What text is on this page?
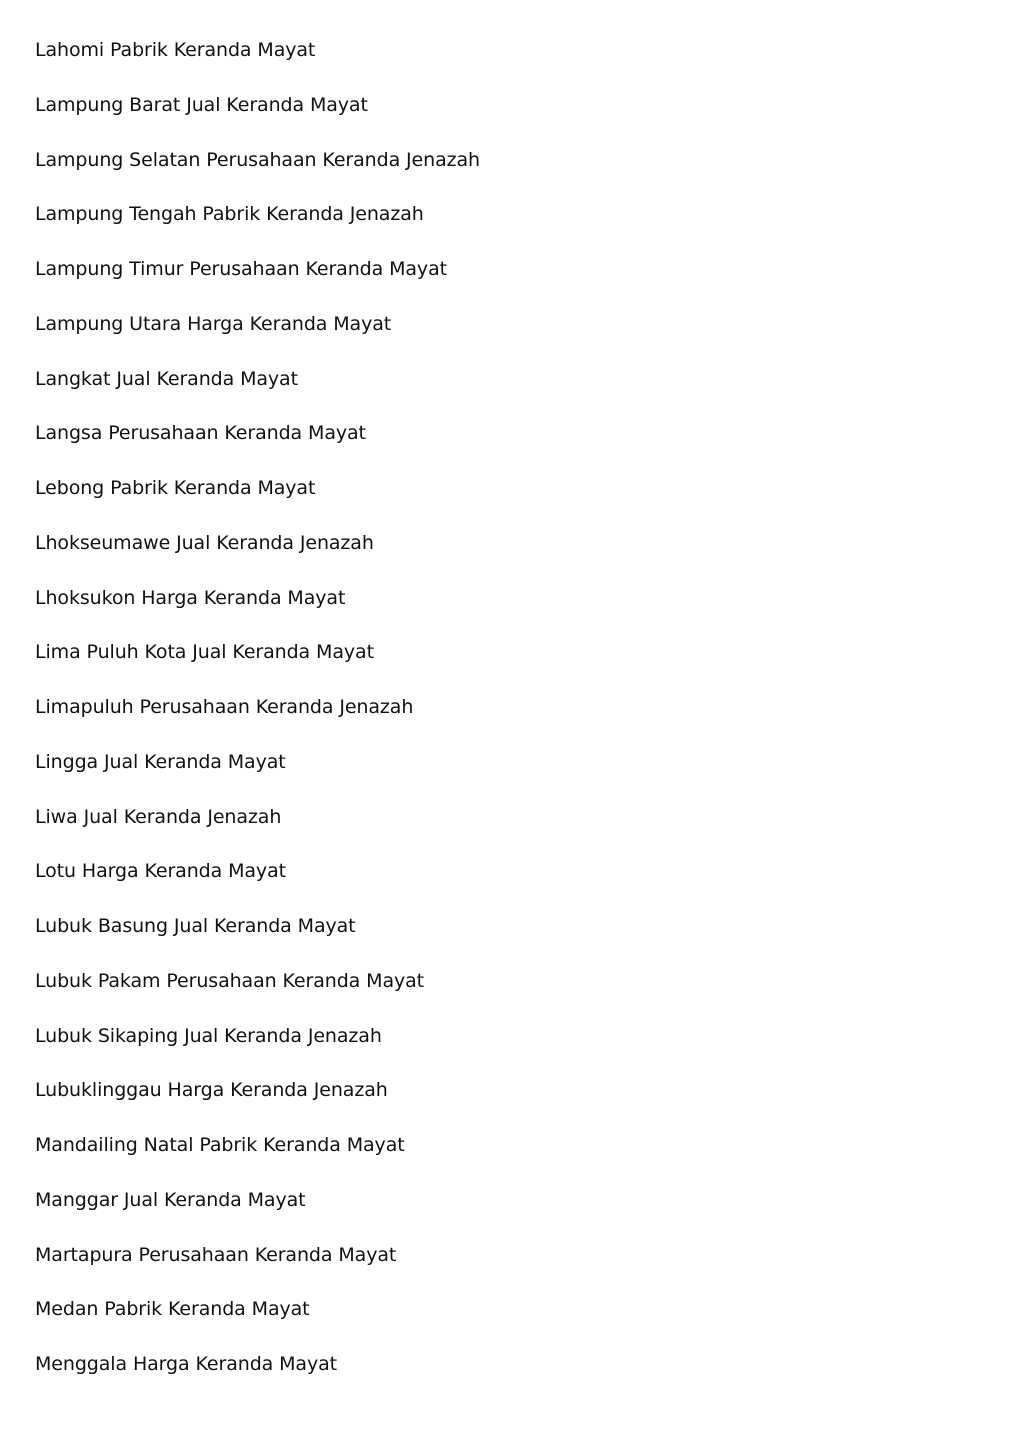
Lahomi Pabrik Keranda Mayat
Lampung Barat Jual Keranda Mayat
Lampung Selatan Perusahaan Keranda Jenazah
Lampung Tengah Pabrik Keranda Jenazah
Lampung Timur Perusahaan Keranda Mayat
Lampung Utara Harga Keranda Mayat
Langkat Jual Keranda Mayat
Langsa Perusahaan Keranda Mayat
Lebong Pabrik Keranda Mayat
Lhokseumawe Jual Keranda Jenazah
Lhoksukon Harga Keranda Mayat
Lima Puluh Kota Jual Keranda Mayat
Limapuluh Perusahaan Keranda Jenazah
Lingga Jual Keranda Mayat
Liwa Jual Keranda Jenazah
Lotu Harga Keranda Mayat
Lubuk Basung Jual Keranda Mayat
Lubuk Pakam Perusahaan Keranda Mayat
Lubuk Sikaping Jual Keranda Jenazah
Lubuklinggau Harga Keranda Jenazah
Mandailing Natal Pabrik Keranda Mayat
Manggar Jual Keranda Mayat
Martapura Perusahaan Keranda Mayat
Medan Pabrik Keranda Mayat
Menggala Harga Keranda Mayat
